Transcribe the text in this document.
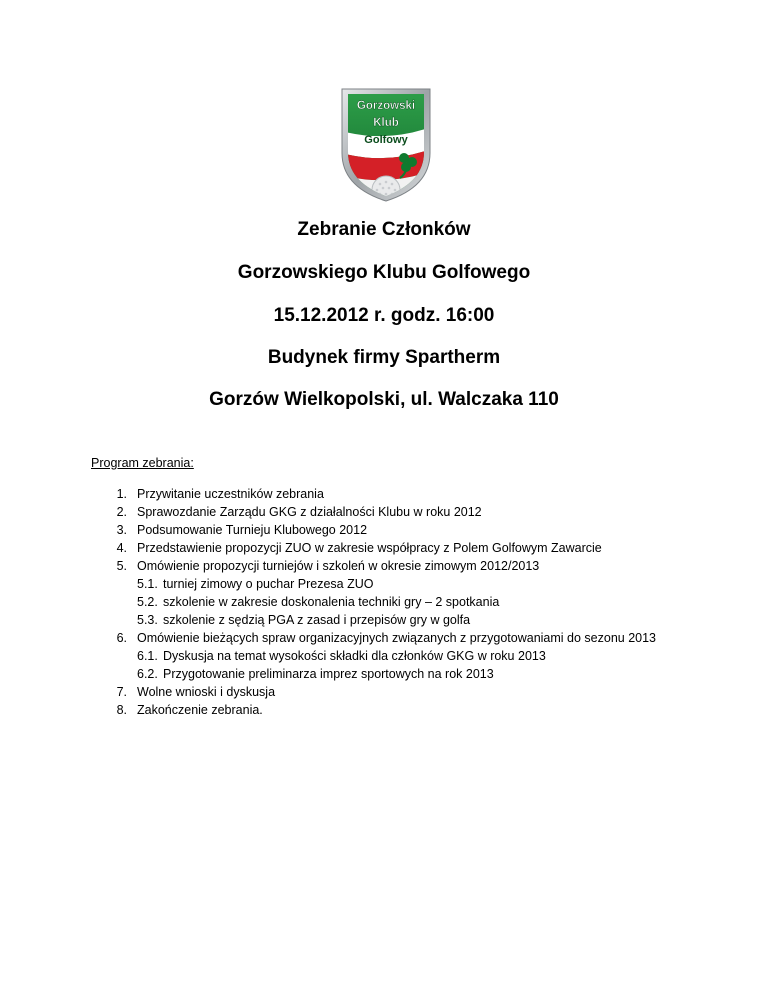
Gorzowski
Klub
Golfowy
Zebranie Członków
Gorzowskiego Klubu Golfowego
15.12.2012 r. godz. 16:00
Budynek firmy Spartherm
Gorzów Wielkopolski, ul. Walczaka 110
Program zebrania:
1. Przywitanie uczestników zebrania
2. Sprawozdanie Zarządu GKG z działalności Klubu w roku 2012
3. Podsumowanie Turnieju Klubowego 2012
4. Przedstawienie propozycji ZUO w zakresie współpracy z Polem Golfowym Zawarcie
5. Omówienie propozycji turniejów i szkoleń w okresie zimowym 2012/2013
5.1. turniej zimowy o puchar Prezesa ZUO
5.2. szkolenie w zakresie doskonalenia techniki gry – 2 spotkania
5.3. szkolenie z sędzią PGA z zasad i przepisów gry w golfa
6. Omówienie bieżących spraw organizacyjnych związanych z przygotowaniami do sezonu 2013
6.1. Dyskusja na temat wysokości składki dla członków GKG w roku 2013
6.2. Przygotowanie preliminarza imprez sportowych na rok 2013
7. Wolne wnioski i dyskusja
8. Zakończenie zebrania.
